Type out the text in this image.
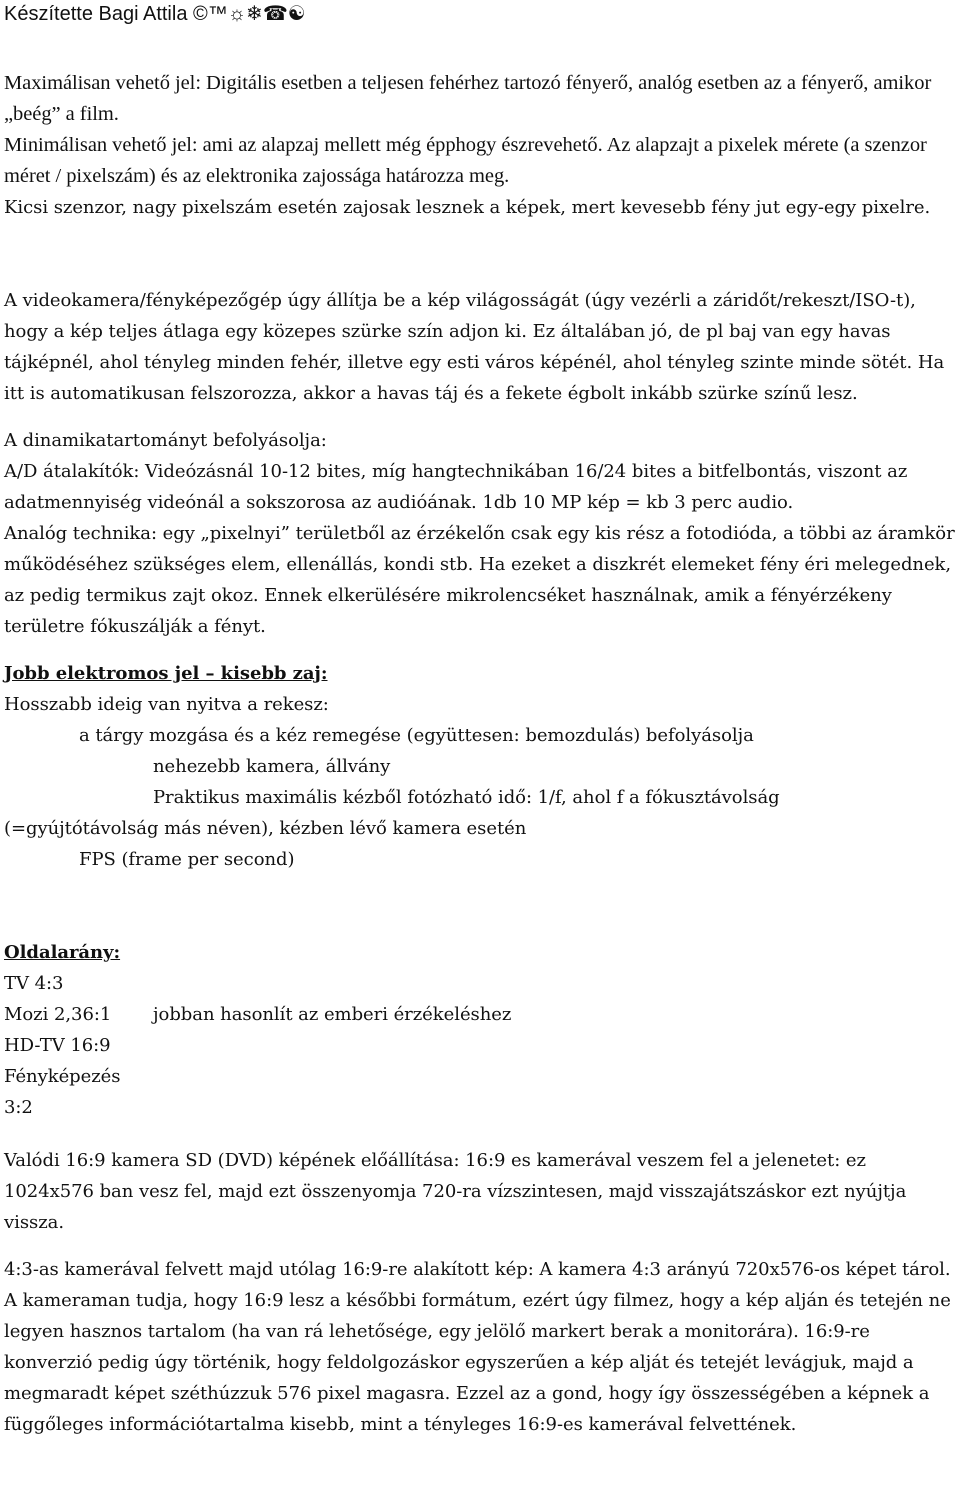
Készítette Bagi Attila ©™☼❄☎☯

Maximálisan vehető jel: Digitális esetben a teljesen fehérhez tartozó fényerő, analóg esetben az a fényerő, amikor „beég” a film.

Minimálisan vehető jel: ami az alapzaj mellett még épphogy észrevehető. Az alapzajt a pixelek mérete (a szenzor méret / pixelszám) és az elektronika zajossága határozza meg.

Kicsi szenzor, nagy pixelszám esetén zajosak lesznek a képek, mert kevesebb fény jut egy-egy pixelre.

A videokamera/fényképezőgép úgy állítja be a kép világosságát (úgy vezérli a záridőt/rekeszt/ISO-t), hogy a kép teljes átlaga egy közepes szürke szín adjon ki. Ez általában jó, de pl baj van egy havas tájképnél, ahol tényleg minden fehér, illetve egy esti város képénél, ahol tényleg szinte minde sötét. Ha itt is automatikusan felszorozza, akkor a havas táj és a fekete égbolt inkább szürke színű lesz.

A dinamikatartományt befolyásolja:

A/D átalakítók: Videózásnál 10-12 bites, míg hangtechnikában 16/24 bites a bitfelbontás, viszont az adatmennyiség videónál a sokszorosa az audióának. 1db 10 MP kép = kb 3 perc audio.

Analóg technika: egy „pixelnyi” területből az érzékelőn csak egy kis rész a fotodióda, a többi az áramkör működéséhez szükséges elem, ellenállás, kondi stb. Ha ezeket a diszkrét elemeket fény éri melegednek, az pedig termikus zajt okoz. Ennek elkerülésére mikrolencséket használnak, amik a fényérzékeny területre fókuszálják a fényt.

Jobb elektromos jel – kisebb zaj:

Hosszabb ideig van nyitva a rekesz:

a tárgy mozgása és a kéz remegése (együttesen: bemozdulás) befolyásolja

nehezebb kamera, állvány

Praktikus maximális kézből fotózható idő: 1/f, ahol f a fókusztávolság

(=gyújtótávolság más néven), kézben lévő kamera esetén

FPS (frame per second)

Oldalarány:

TV 4:3
Mozi 2,36:1	jobban hasonlít az emberi érzékeléshez
HD-TV 16:9
Fényképezés 3:2

Valódi 16:9 kamera SD (DVD) képének előállítása: 16:9 es kamerával veszem fel a jelenetet: ez 1024x576 ban vesz fel, majd ezt összenyomja 720-ra vízszintesen, majd visszajátszáskor ezt nyújtja vissza.

4:3-as kamerával felvett majd utólag 16:9-re alakított kép: A kamera 4:3 arányú 720x576-os képet tárol. A kameraman tudja, hogy 16:9 lesz a későbbi formátum, ezért úgy filmez, hogy a kép alján és tetején ne legyen hasznos tartalom (ha van rá lehetősége, egy jelölő markert berak a monitorára). 16:9-re konverzió pedig úgy történik, hogy feldolgozáskor egyszerűen a kép alját és tetejét levágjuk, majd a megmaradt képet széthúzzuk 576 pixel magasra. Ezzel az a gond, hogy így összességében a képnek a függőleges információtartalma kisebb, mint a tényleges 16:9-es kamerával felvettének.
